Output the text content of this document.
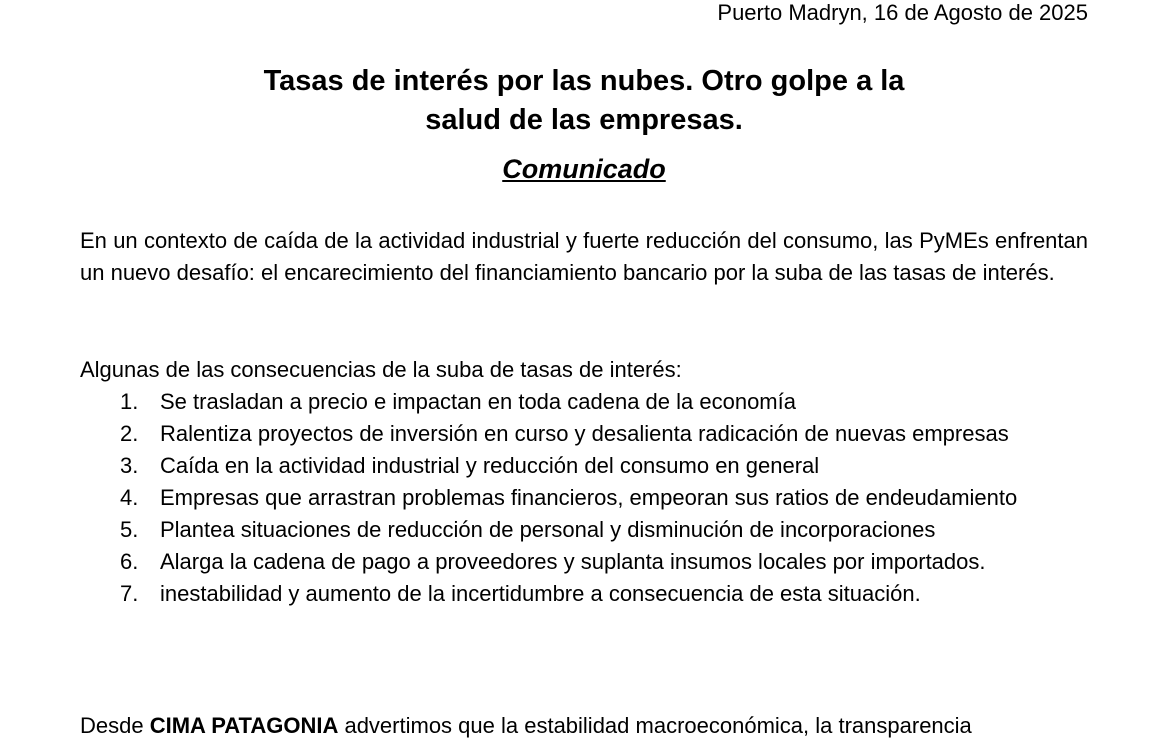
Puerto Madryn, 16 de Agosto de 2025
Tasas de interés por las nubes. Otro golpe a la
salud de las empresas.
Comunicado
En un contexto de caída de la actividad industrial y fuerte reducción del consumo, las PyMEs enfrentan un nuevo desafío: el encarecimiento del financiamiento bancario por la suba de las tasas de interés.
Algunas de las consecuencias de la suba de tasas de interés:
1. Se trasladan a precio e impactan en toda cadena de la economía
2. Ralentiza proyectos de inversión en curso y desalienta radicación de nuevas empresas
3. Caída en la actividad industrial y reducción del consumo en general
4. Empresas que arrastran problemas financieros, empeoran sus ratios de endeudamiento
5. Plantea situaciones de reducción de personal y disminución de incorporaciones
6. Alarga la cadena de pago a proveedores y suplanta insumos locales por importados.
7. inestabilidad y aumento de la incertidumbre a consecuencia de esta situación.
Desde CIMA PATAGONIA advertimos que la estabilidad macroeconómica, la transparencia
